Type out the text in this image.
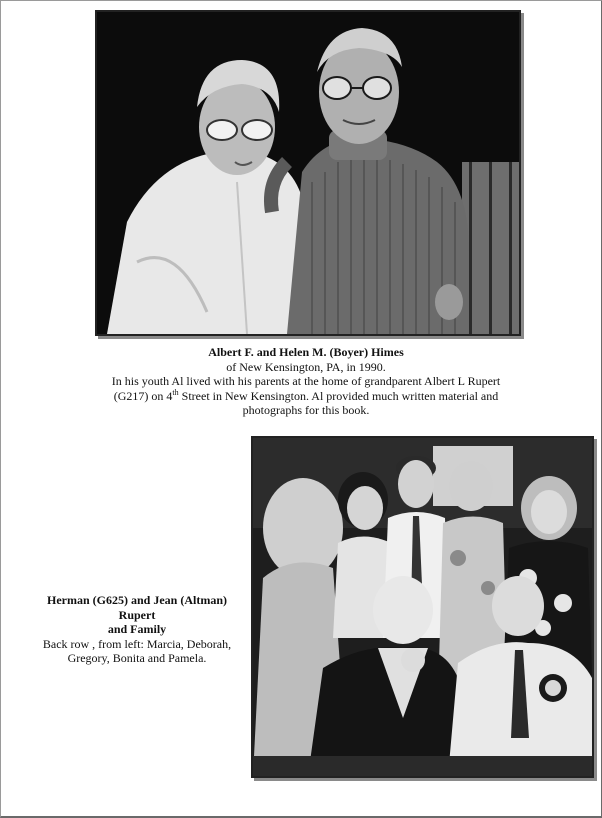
Albert F. and Helen M. (Boyer) Himes
of New Kensington, PA, in 1990.
In his youth Al lived with his parents at the home of grandparent Albert L Rupert
(G217) on 4th Street in New Kensington. Al provided much written material and
photographs for this book.
Herman (G625) and Jean (Altman)
Rupert
and Family
Back row , from left: Marcia, Deborah,
Gregory, Bonita and Pamela.
